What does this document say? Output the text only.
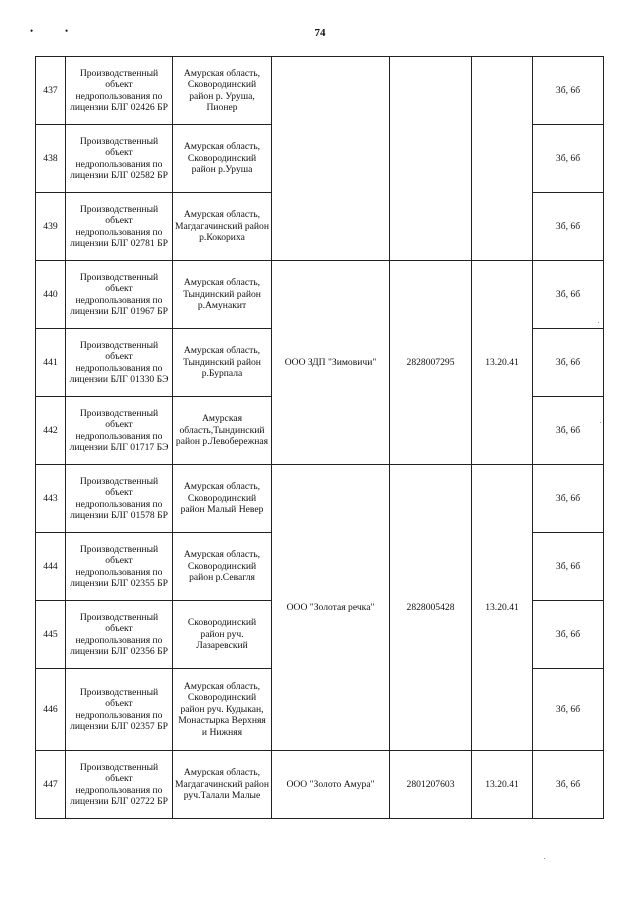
•	•	74
437	Производственный объект недропользования по лицензии БЛГ 02426 БР	Амурская область, Сковородинский район р. Уруша, Пионер				3б, 6б
438	Производственный объект недропользования по лицензии БЛГ 02582 БР	Амурская область, Сковородинский район р.Уруша				3б, 6б
439	Производственный объект недропользования по лицензии БЛГ 02781 БР	Амурская область, Магдагачинский район р.Кокориха				3б, 6б
440	Производственный объект недропользования по лицензии БЛГ 01967 БР	Амурская область, Тындинский район р.Амунакит	ООО ЗДП "Зимовичи"	2828007295	13.20.41	3б, 6б
441	Производственный объект недропользования по лицензии БЛГ 01330 БЭ	Амурская область, Тындинский район р.Бурпала				3б, 6б
442	Производственный объект недропользования по лицензии БЛГ 01717 БЭ	Амурская область,Тындинский район р.Левобережная				3б, 6б
443	Производственный объект недропользования по лицензии БЛГ 01578 БР	Амурская область, Сковородинский район Малый Невер	ООО "Золотая речка"	2828005428	13.20.41	3б, 6б
444	Производственный объект недропользования по лицензии БЛГ 02355 БР	Амурская область, Сковородинский район р.Севагля				3б, 6б
445	Производственный объект недропользования по лицензии БЛГ 02356 БР	Сковородинский район руч. Лазаревский				3б, 6б
446	Производственный объект недропользования по лицензии БЛГ 02357 БР	Амурская область, Сковородинский район руч. Кудыкан, Монастырка Верхняя и Нижняя				3б, 6б
447	Производственный объект недропользования по лицензии БЛГ 02722 БР	Амурская область, Магдагачинский район руч.Талали Малые	ООО "Золото Амура"	2801207603	13.20.41	3б, 6б
